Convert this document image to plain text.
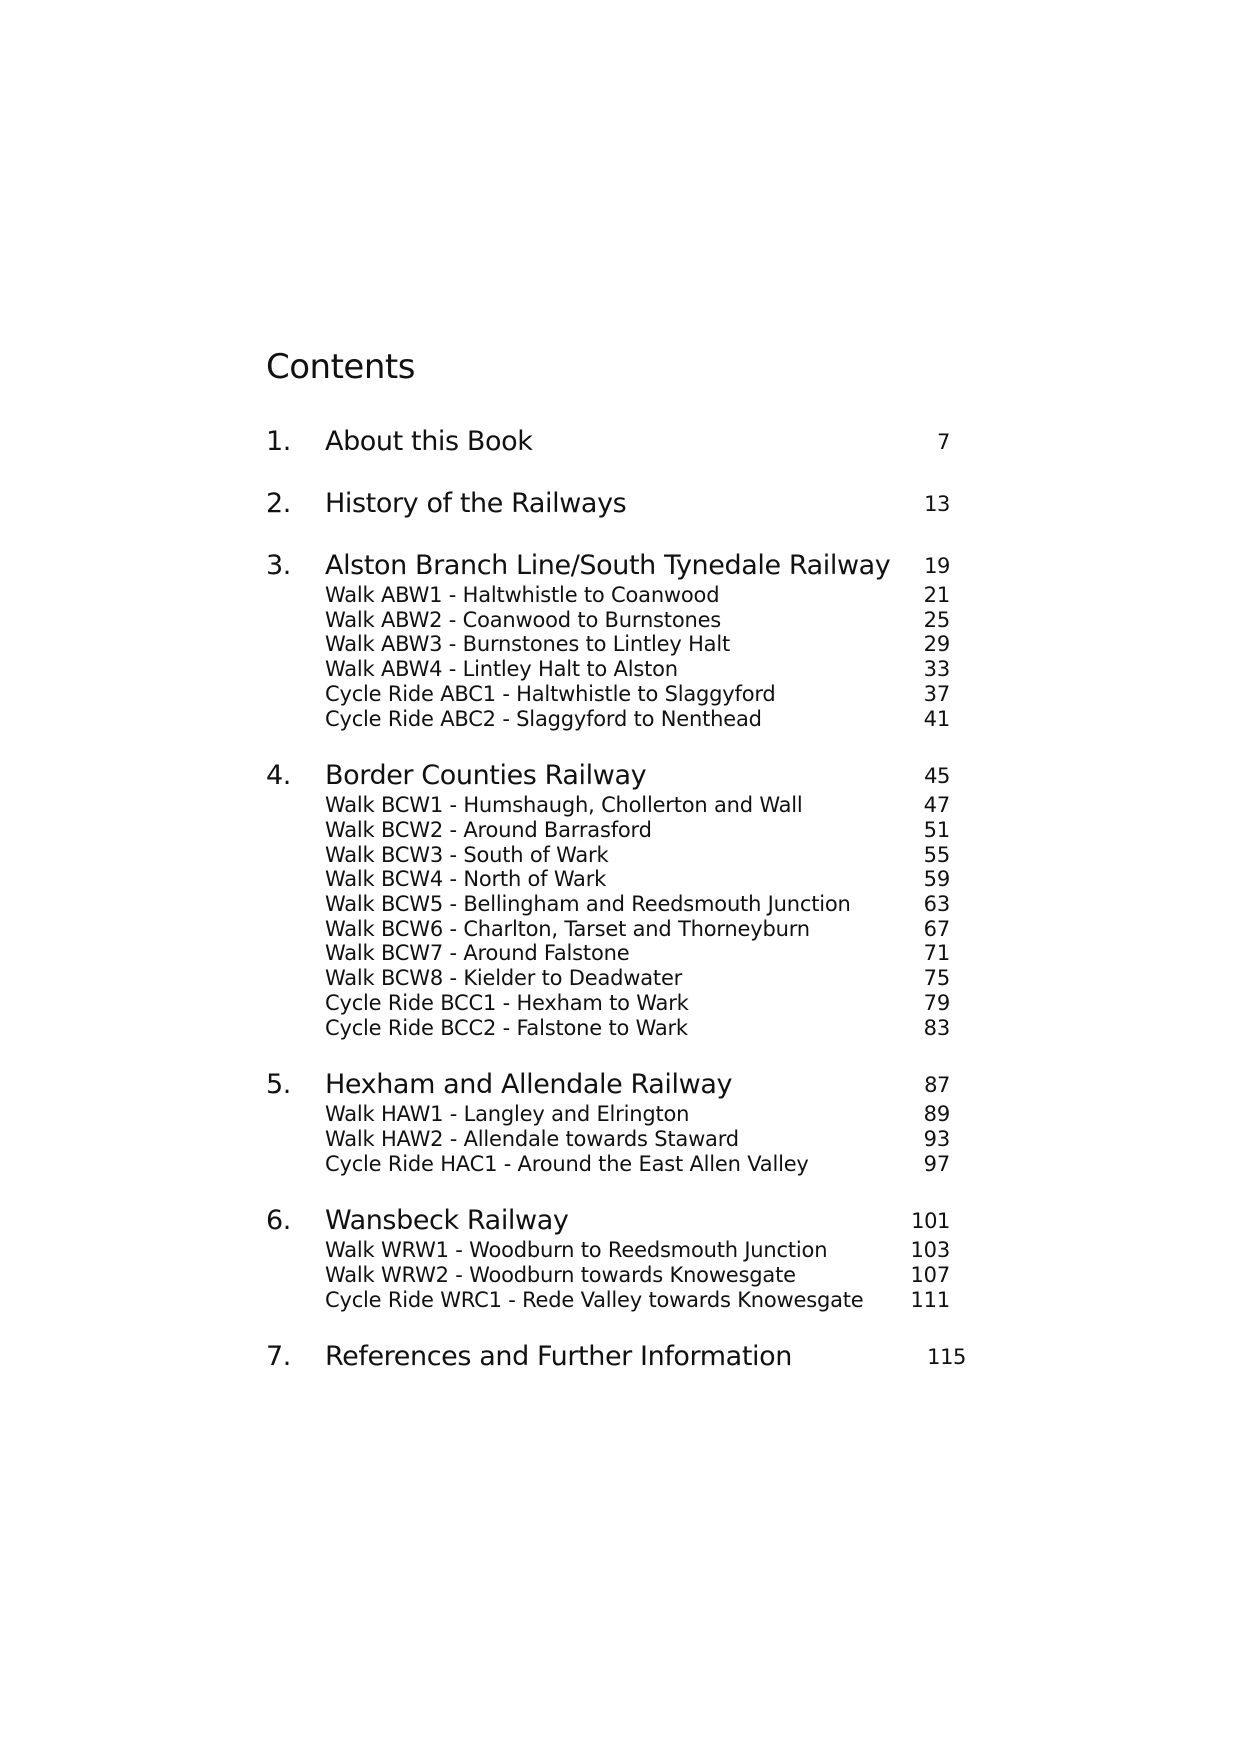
Contents
1.	About this Book	7
2.	History of the Railways	13
3.	Alston Branch Line/South Tynedale Railway	19
Walk ABW1 - Haltwhistle to Coanwood	21
Walk ABW2 - Coanwood to Burnstones	25
Walk ABW3 - Burnstones to Lintley Halt	29
Walk ABW4 - Lintley Halt to Alston	33
Cycle Ride ABC1 - Haltwhistle to Slaggyford	37
Cycle Ride ABC2 - Slaggyford to Nenthead	41
4.	Border Counties Railway	45
Walk BCW1 - Humshaugh, Chollerton and Wall	47
Walk BCW2 - Around Barrasford	51
Walk BCW3 - South of Wark	55
Walk BCW4 - North of Wark	59
Walk BCW5 - Bellingham and Reedsmouth Junction	63
Walk BCW6 - Charlton, Tarset and Thorneyburn	67
Walk BCW7 - Around Falstone	71
Walk BCW8 - Kielder to Deadwater	75
Cycle Ride BCC1 - Hexham to Wark	79
Cycle Ride BCC2 - Falstone to Wark	83
5.	Hexham and Allendale Railway	87
Walk HAW1 - Langley and Elrington	89
Walk HAW2 - Allendale towards Staward	93
Cycle Ride HAC1 - Around the East Allen Valley	97
6.	Wansbeck Railway	101
Walk WRW1 - Woodburn to Reedsmouth Junction	103
Walk WRW2 - Woodburn towards Knowesgate	107
Cycle Ride WRC1 - Rede Valley towards Knowesgate	111
7.	References and Further Information	115
